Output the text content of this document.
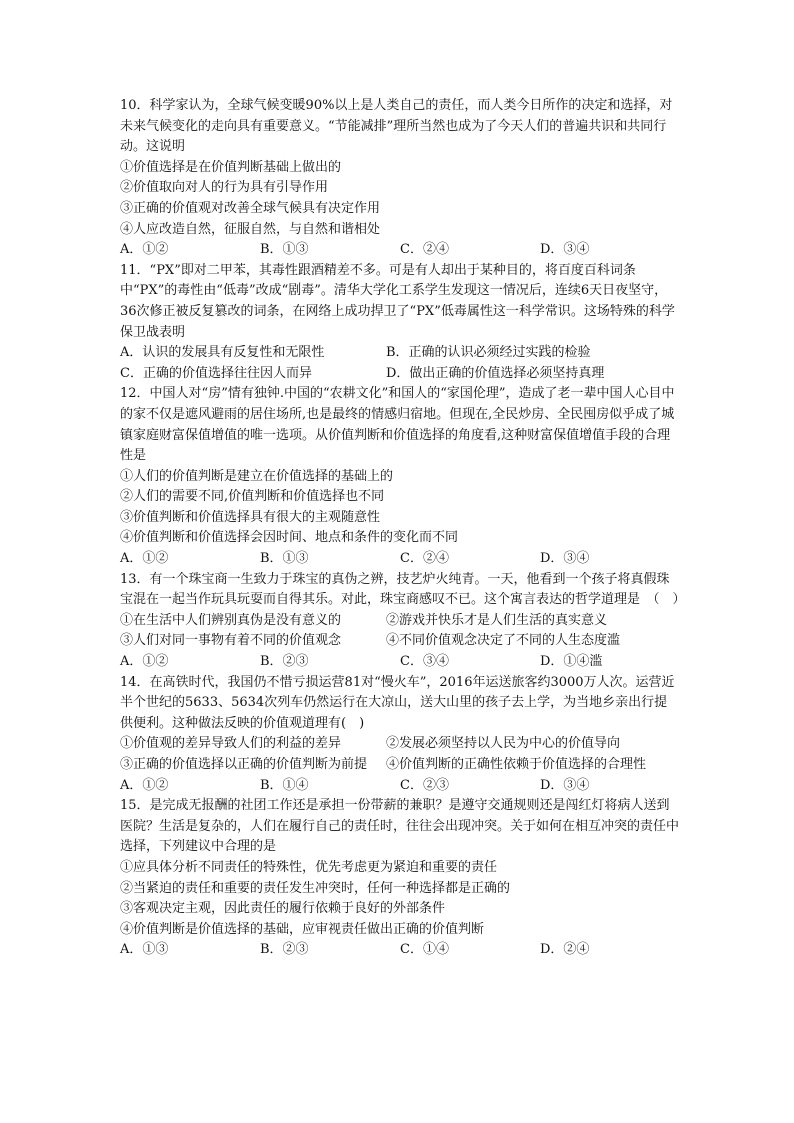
10．科学家认为，全球气候变暖90%以上是人类自己的责任，而人类今日所作的决定和选择，对未来气候变化的走向具有重要意义。“节能减排”理所当然也成为了今天人们的普遍共识和共同行动。这说明

①价值选择是在价值判断基础上做出的

②价值取向对人的行为具有引导作用

③正确的价值观对改善全球气候具有决定作用

④人应改造自然，征服自然，与自然和谐相处

A．①②	B．①③	C．②④	D．③④

11．“PX”即对二甲苯，其毒性跟酒精差不多。可是有人却出于某种目的，将百度百科词条中“PX”的毒性由“低毒”改成“剧毒”。清华大学化工系学生发现这一情况后，连续6天日夜坚守，36次修正被反复篡改的词条，在网络上成功捍卫了“PX”低毒属性这一科学常识。这场特殊的科学保卫战表明

A．认识的发展具有反复性和无限性	B．正确的认识必须经过实践的检验
C．正确的价值选择往往因人而异	D．做出正确的价值选择必须坚持真理

12．中国人对“房”情有独钟.中国的“农耕文化”和国人的“家国伦理”，造成了老一辈中国人心目中的家不仅是遮风避雨的居住场所,也是最终的情感归宿地。但现在,全民炒房、全民囤房似乎成了城镇家庭财富保值增值的唯一选项。从价值判断和价值选择的角度看,这种财富保值增值手段的合理性是

①人们的价值判断是建立在价值选择的基础上的

②人们的需要不同,价值判断和价值选择也不同

③价值判断和价值选择具有很大的主观随意性

④价值判断和价值选择会因时间、地点和条件的变化而不同

A．①②	B．①③	C．②④	D．③④

13．有一个珠宝商一生致力于珠宝的真伪之辨，技艺炉火纯青。一天，他看到一个孩子将真假珠宝混在一起当作玩具玩耍而自得其乐。对此，珠宝商感叹不已。这个寓言表达的哲学道理是　（　）

①在生活中人们辨别真伪是没有意义的	②游戏并快乐才是人们生活的真实意义
③人们对同一事物有着不同的价值观念	④不同价值观念决定了不同的人生态度滥
A．①②	B．②③	C．③④	D．①④滥

14．在高铁时代，我国仍不惜亏损运营81对“慢火车”，2016年运送旅客约3000万人次。运营近半个世纪的5633、5634次列车仍然运行在大凉山，送大山里的孩子去上学，为当地乡亲出行提供便利。这种做法反映的价值观道理有(　)

①价值观的差异导致人们的利益的差异	②发展必须坚持以人民为中心的价值导向
③正确的价值选择以正确的价值判断为前提	④价值判断的正确性依赖于价值选择的合理性
A．①②	B．①④	C．②③	D．③④

15．是完成无报酬的社团工作还是承担一份带薪的兼职？是遵守交通规则还是闯红灯将病人送到医院？生活是复杂的，人们在履行自己的责任时，往往会出现冲突。关于如何在相互冲突的责任中选择，下列建议中合理的是

①应具体分析不同责任的特殊性，优先考虑更为紧迫和重要的责任

②当紧迫的责任和重要的责任发生冲突时，任何一种选择都是正确的

③客观决定主观，因此责任的履行依赖于良好的外部条件

④价值判断是价值选择的基础，应审视责任做出正确的价值判断

A．①③	B．②③	C．①④	D．②④
